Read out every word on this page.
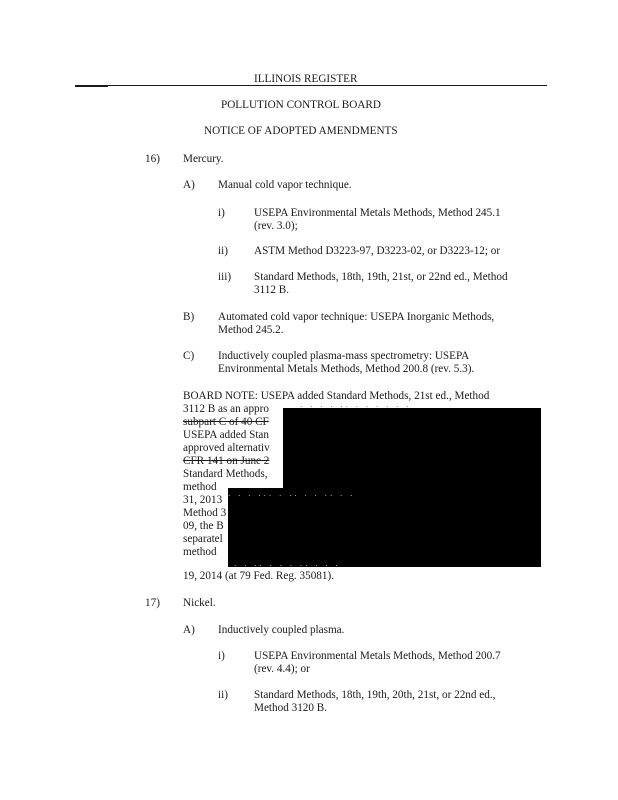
ILLINOIS REGISTER
POLLUTION CONTROL BOARD
NOTICE OF ADOPTED AMENDMENTS
16) Mercury.
A) Manual cold vapor technique.
i)	USEPA Environmental Metals Methods, Method 245.1
(rev. 3.0);
ii) ASTM Method D3223-97, D3223-02, or D3223-12; or
iii) Standard Methods, 18th, 19th, 21st, or 22nd ed., Method
3112 B.
B) Automated cold vapor technique: USEPA Inorganic Methods,
Method 245.2.
C) Inductively coupled plasma-mass spectrometry: USEPA
Environmental Metals Methods, Method 200.8 (rev. 5.3).
BOARD NOTE: USEPA added Standard Methods, 21st ed., Method
3112 B as an appro
subpart C of 40 CF
USEPA added Stan
approved alternativ
CFR 141 on June 2
Standard Methods,
method
31, 2013
Method 3
09, the B
separatel
method
19, 2014 (at 79 Fed. Reg. 35081).
· · · · ·· · · · · · ·
· · · ··· · ·· · · ·· · ·
· · ·· · · · ·· · · ·
17) Nickel.
A) Inductively coupled plasma.
i)	USEPA Environmental Metals Methods, Method 200.7
(rev. 4.4); or
ii) Standard Methods, 18th, 19th, 20th, 21st, or 22nd ed.,
Method 3120 B.
